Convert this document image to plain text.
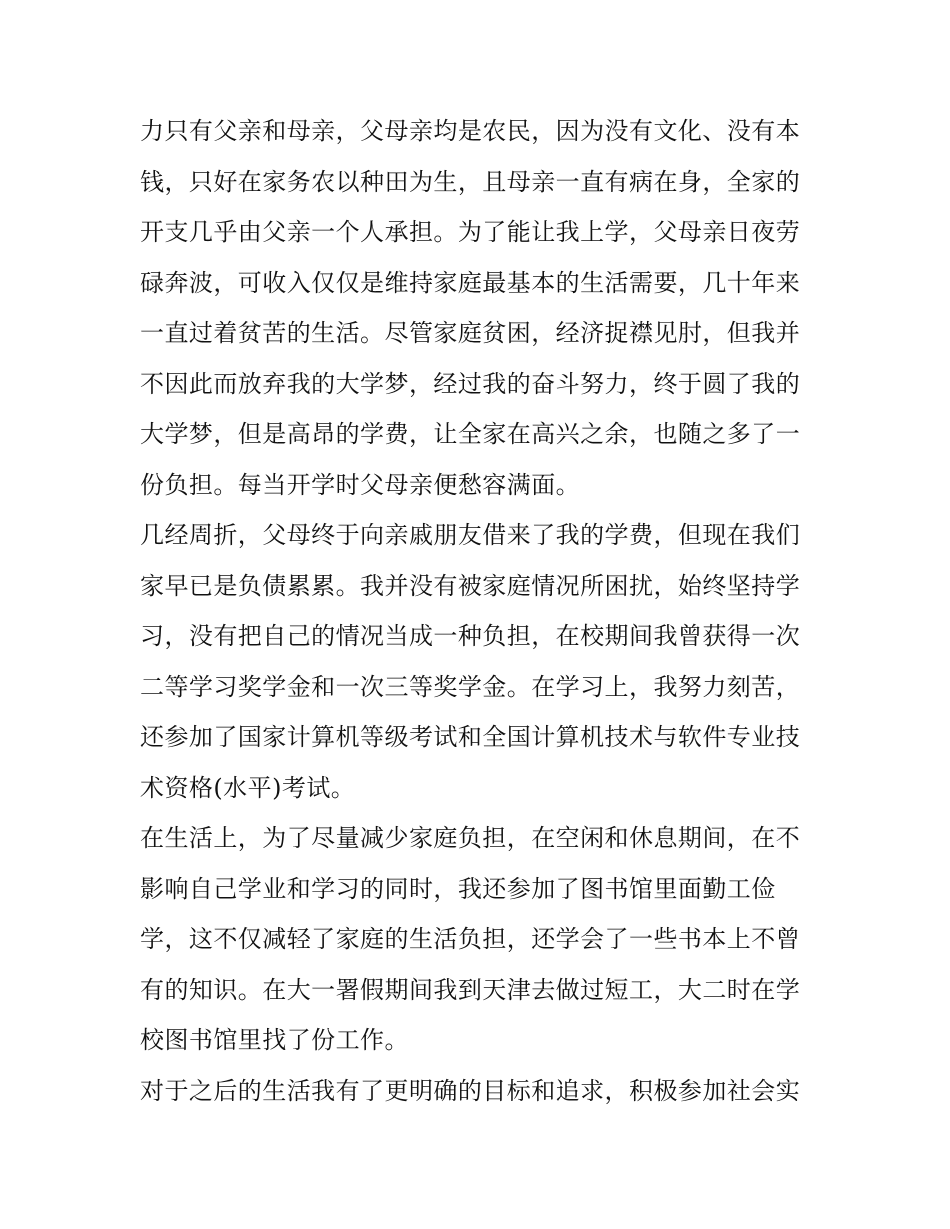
力只有父亲和母亲，父母亲均是农民，因为没有文化、没有本
钱，只好在家务农以种田为生，且母亲一直有病在身，全家的
开支几乎由父亲一个人承担。为了能让我上学，父母亲日夜劳
碌奔波，可收入仅仅是维持家庭最基本的生活需要，几十年来
一直过着贫苦的生活。尽管家庭贫困，经济捉襟见肘，但我并
不因此而放弃我的大学梦，经过我的奋斗努力，终于圆了我的
大学梦，但是高昂的学费，让全家在高兴之余，也随之多了一
份负担。每当开学时父母亲便愁容满面。
几经周折，父母终于向亲戚朋友借来了我的学费，但现在我们
家早已是负债累累。我并没有被家庭情况所困扰，始终坚持学
习，没有把自己的情况当成一种负担，在校期间我曾获得一次
二等学习奖学金和一次三等奖学金。在学习上，我努力刻苦，
还参加了国家计算机等级考试和全国计算机技术与软件专业技
术资格(水平)考试。
在生活上，为了尽量减少家庭负担，在空闲和休息期间，在不
影响自己学业和学习的同时，我还参加了图书馆里面勤工俭
学，这不仅减轻了家庭的生活负担，还学会了一些书本上不曾
有的知识。在大一署假期间我到天津去做过短工，大二时在学
校图书馆里找了份工作。
对于之后的生活我有了更明确的目标和追求，积极参加社会实
